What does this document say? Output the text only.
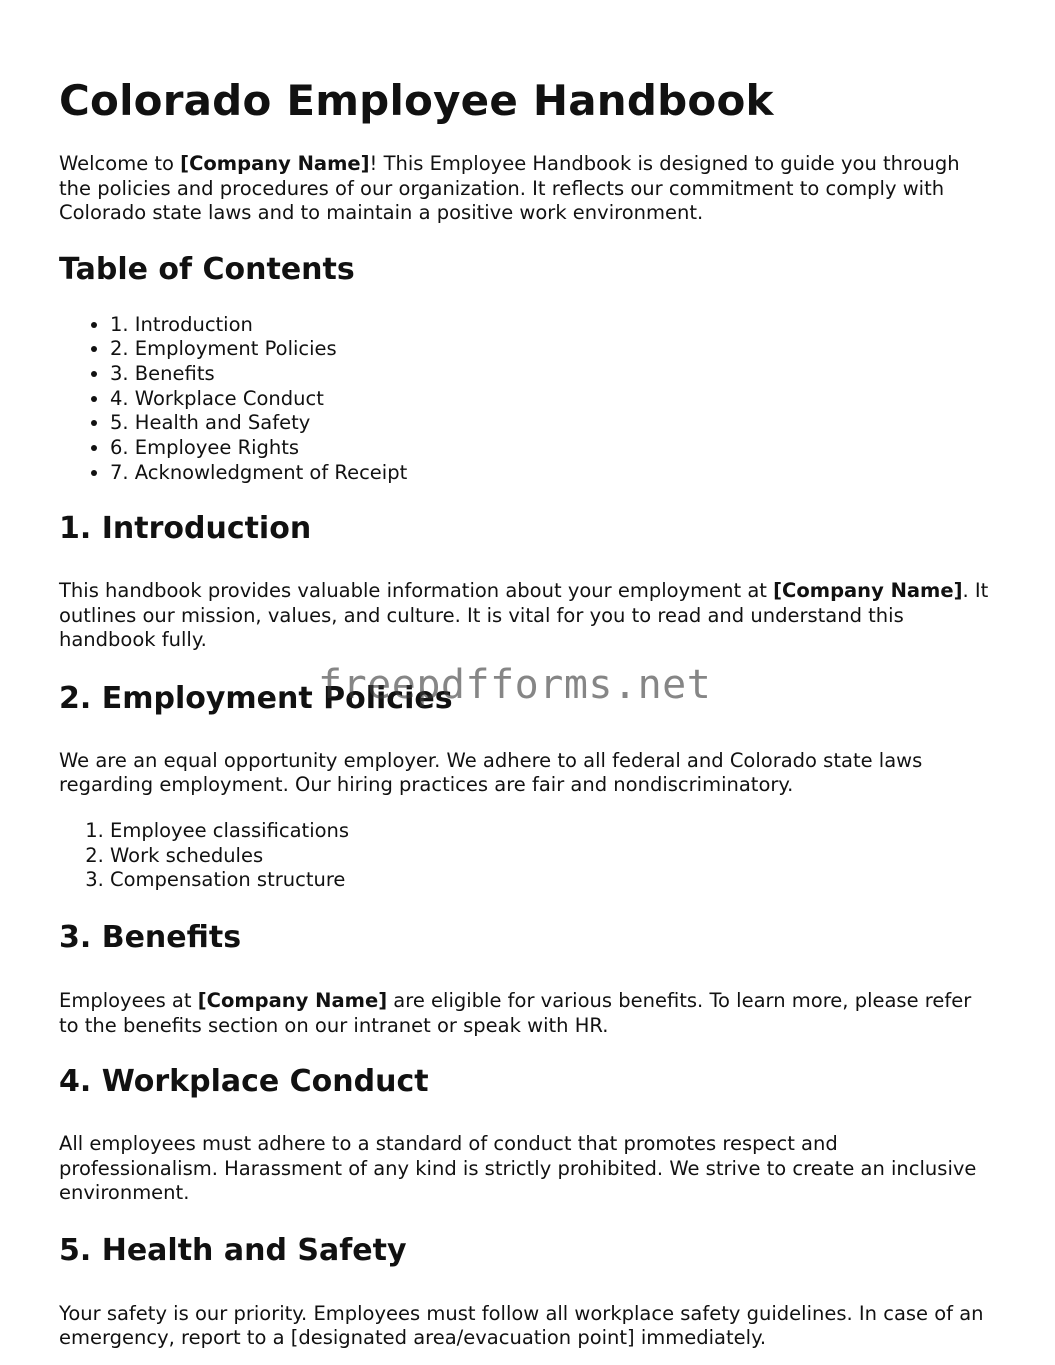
Colorado Employee Handbook

Welcome to [Company Name]! This Employee Handbook is designed to guide you through the policies and procedures of our organization. It reflects our commitment to comply with Colorado state laws and to maintain a positive work environment.

Table of Contents
• 1. Introduction
• 2. Employment Policies
• 3. Benefits
• 4. Workplace Conduct
• 5. Health and Safety
• 6. Employee Rights
• 7. Acknowledgment of Receipt
1. Introduction

This handbook provides valuable information about your employment at [Company Name]. It outlines our mission, values, and culture. It is vital for you to read and understand this handbook fully.

2. Employment Policies

We are an equal opportunity employer. We adhere to all federal and Colorado state laws regarding employment. Our hiring practices are fair and nondiscriminatory.

1. Employee classifications
2. Work schedules
3. Compensation structure
3. Benefits

Employees at [Company Name] are eligible for various benefits. To learn more, please refer to the benefits section on our intranet or speak with HR.

4. Workplace Conduct

All employees must adhere to a standard of conduct that promotes respect and professionalism. Harassment of any kind is strictly prohibited. We strive to create an inclusive environment.

5. Health and Safety

Your safety is our priority. Employees must follow all workplace safety guidelines. In case of an emergency, report to a [designated area/evacuation point] immediately.

freepdfforms.net
